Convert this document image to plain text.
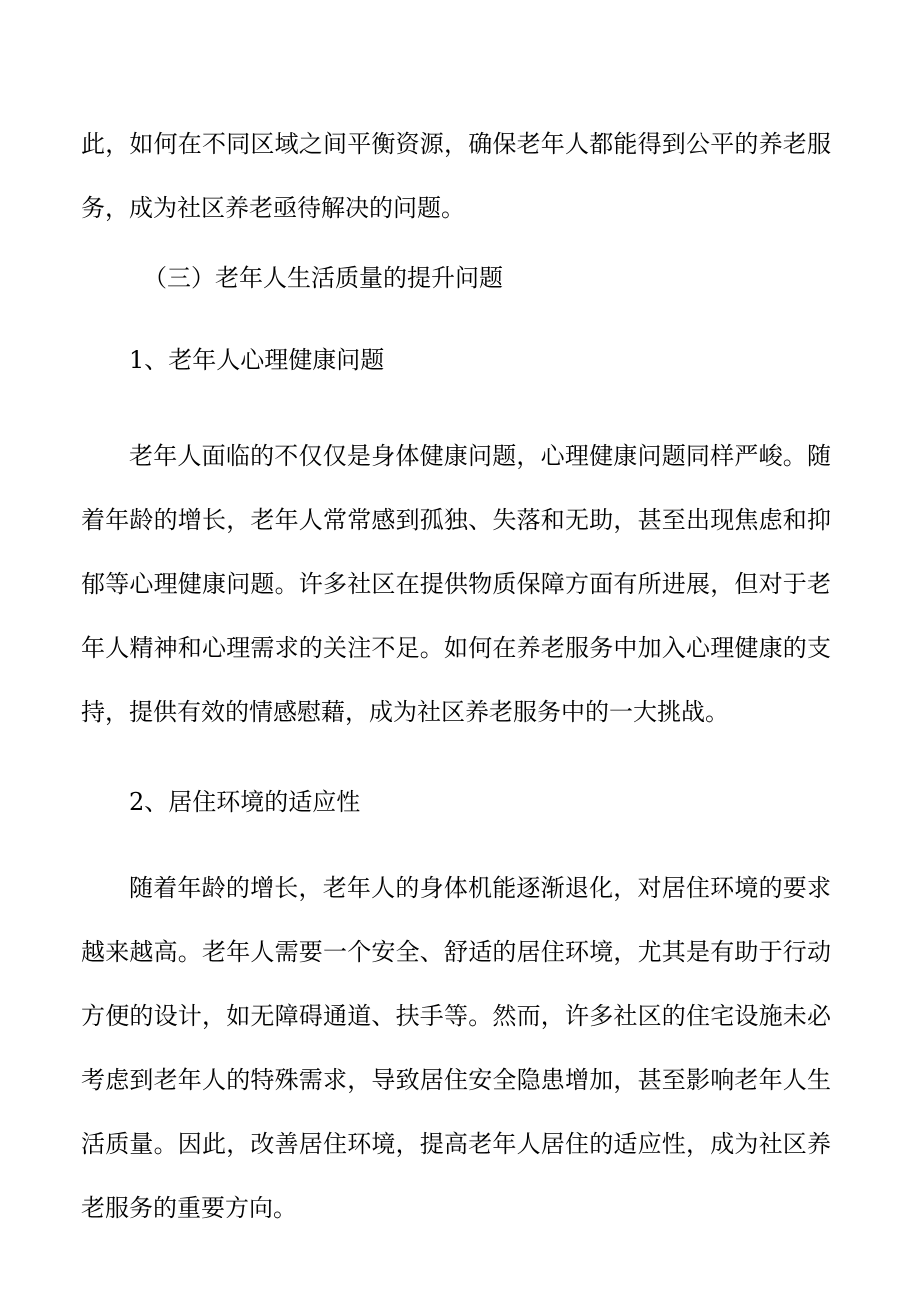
此，如何在不同区域之间平衡资源，确保老年人都能得到公平的养老服务，成为社区养老亟待解决的问题。

（三）老年人生活质量的提升问题

1、老年人心理健康问题

老年人面临的不仅仅是身体健康问题，心理健康问题同样严峻。随着年龄的增长，老年人常常感到孤独、失落和无助，甚至出现焦虑和抑郁等心理健康问题。许多社区在提供物质保障方面有所进展，但对于老年人精神和心理需求的关注不足。如何在养老服务中加入心理健康的支持，提供有效的情感慰藉，成为社区养老服务中的一大挑战。

2、居住环境的适应性

随着年龄的增长，老年人的身体机能逐渐退化，对居住环境的要求越来越高。老年人需要一个安全、舒适的居住环境，尤其是有助于行动方便的设计，如无障碍通道、扶手等。然而，许多社区的住宅设施未必考虑到老年人的特殊需求，导致居住安全隐患增加，甚至影响老年人生活质量。因此，改善居住环境，提高老年人居住的适应性，成为社区养老服务的重要方向。
